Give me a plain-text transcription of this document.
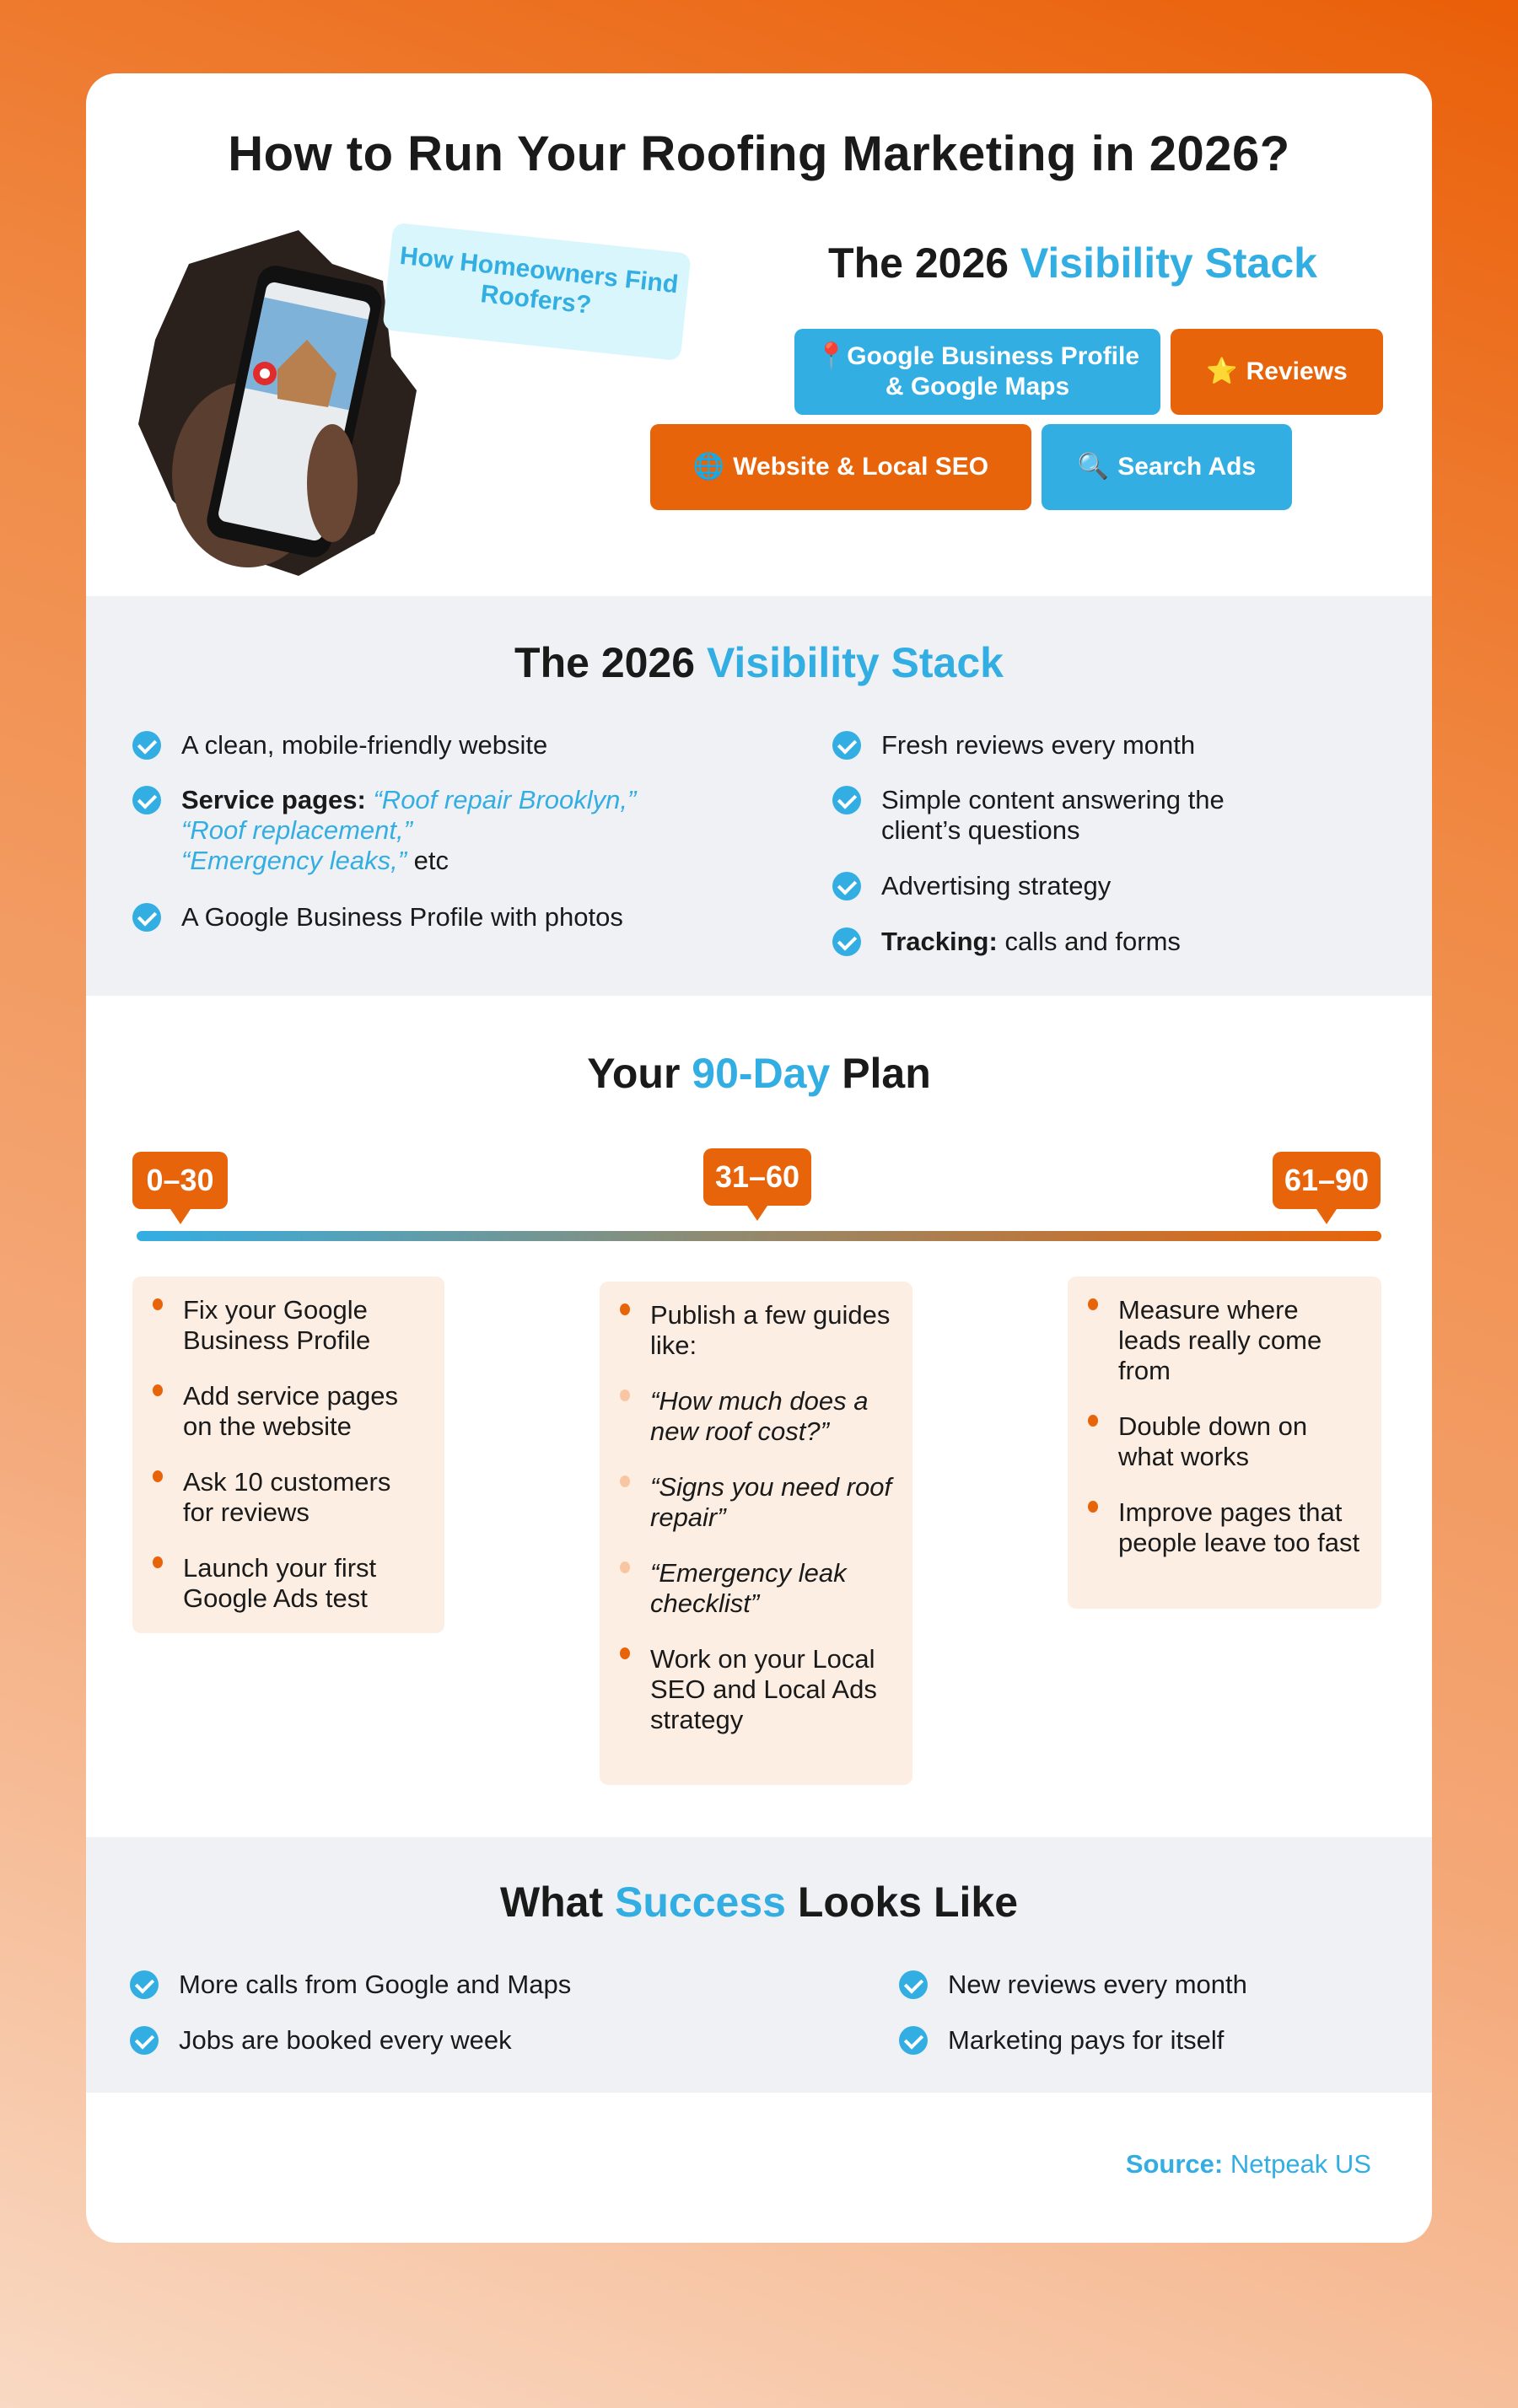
How to Run Your Roofing Marketing in 2026?
How Homeowners Find Roofers?
The 2026 Visibility Stack
📍Google Business Profile & Google Maps
⭐ Reviews
🌐 Website & Local SEO	🔍 Search Ads
The 2026 Visibility Stack
A clean, mobile-friendly website
Service pages: “Roof repair Brooklyn,”
“Roof replacement,”
“Emergency leaks,” etc
A Google Business Profile with photos
Fresh reviews every month
Simple content answering the client’s questions
Advertising strategy
Tracking: calls and forms
Your 90-Day Plan
0–30	31–60	61–90
Fix your Google Business Profile
Add service pages on the website
Ask 10 customers for reviews
Launch your first Google Ads test
Publish a few guides like:
“How much does a new roof cost?”
“Signs you need roof repair”
“Emergency leak checklist”
Work on your Local SEO and Local Ads strategy
Measure where leads really come from
Double down on what works
Improve pages that people leave too fast
What Success Looks Like
More calls from Google and Maps
Jobs are booked every week
New reviews every month
Marketing pays for itself
Source: Netpeak US
